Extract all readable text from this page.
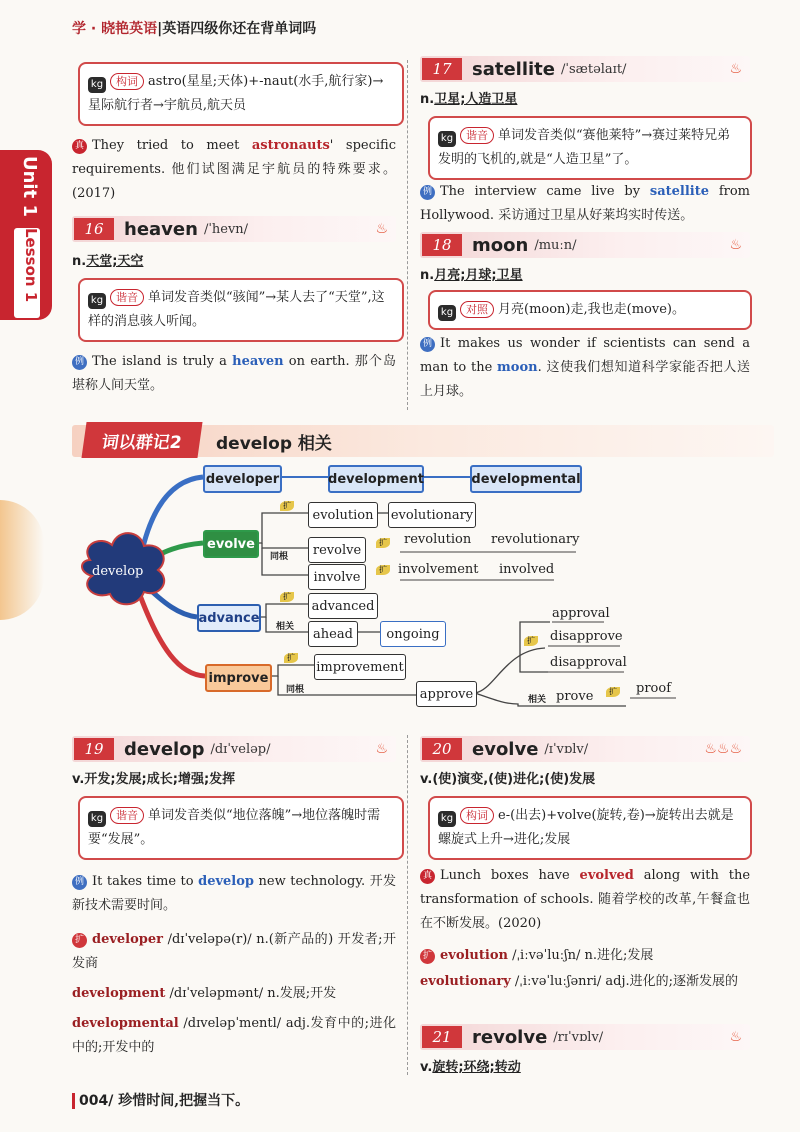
学 · 晓艳英语|英语四级你还在背单词吗
Unit 1
Lesson 1
kg 构词 astro(星星;天体)+-naut(水手,航行家)→星际航行者→宇航员,航天员
真 They tried to meet astronauts' specific requirements. 他们试图满足宇航员的特殊要求。(2017)
16	heaven /ˈhevn/	♨
n.天堂;天空
kg 谐音 单词发音类似“骇闻”→某人去了“天堂”,这样的消息骇人听闻。
例 The island is truly a heaven on earth. 那个岛堪称人间天堂。
17	satellite /ˈsætəlaɪt/	♨
n.卫星;人造卫星
kg 谐音 单词发音类似“赛他莱特”→赛过莱特兄弟发明的飞机的,就是“人造卫星”了。
例 The interview came live by satellite from Hollywood. 采访通过卫星从好莱坞实时传送。
18	moon /muːn/	♨
n.月亮;月球;卫星
kg 对照 月亮(moon)走,我也走(move)。
例 It makes us wonder if scientists can send a man to the moon. 这使我们想知道科学家能否把人送上月球。
词以群记2	develop 相关
develop
developer	development	developmental
evolve
evolution	evolutionary
revolve
revolution revolutionary
involve	involvement involved
advance
advanced
ahead	ongoing
improve
improvement
approve
approval
disapprove
disapproval
prove
proof
扩
同根
扩
扩
扩
相关
扩
同根
扩
相关
扩
19	develop /dɪˈveləp/	♨
v.开发;发展;成长;增强;发挥
kg 谐音 单词发音类似“地位落魄”→地位落魄时需要“发展”。
例 It takes time to develop new technology. 开发新技术需要时间。
扩 developer /dɪˈveləpə(r)/ n.(新产品的) 开发者;开发商
development /dɪˈveləpmənt/ n.发展;开发
developmental /dɪveləpˈmentl/ adj.发育中的;进化中的;开发中的
20	evolve /ɪˈvɒlv/	♨♨♨
v.(使)演变,(使)进化;(使)发展
kg 构词 e-(出去)+volve(旋转,卷)→旋转出去就是螺旋式上升→进化;发展
真 Lunch boxes have evolved along with the transformation of schools. 随着学校的改革,午餐盒也在不断发展。(2020)
扩 evolution /ˌiːvəˈluːʃn/ n.进化;发展
evolutionary /ˌiːvəˈluːʃənri/ adj.进化的;逐渐发展的
21	revolve /rɪˈvɒlv/	♨
v.旋转;环绕;转动
004/ 珍惜时间,把握当下。
